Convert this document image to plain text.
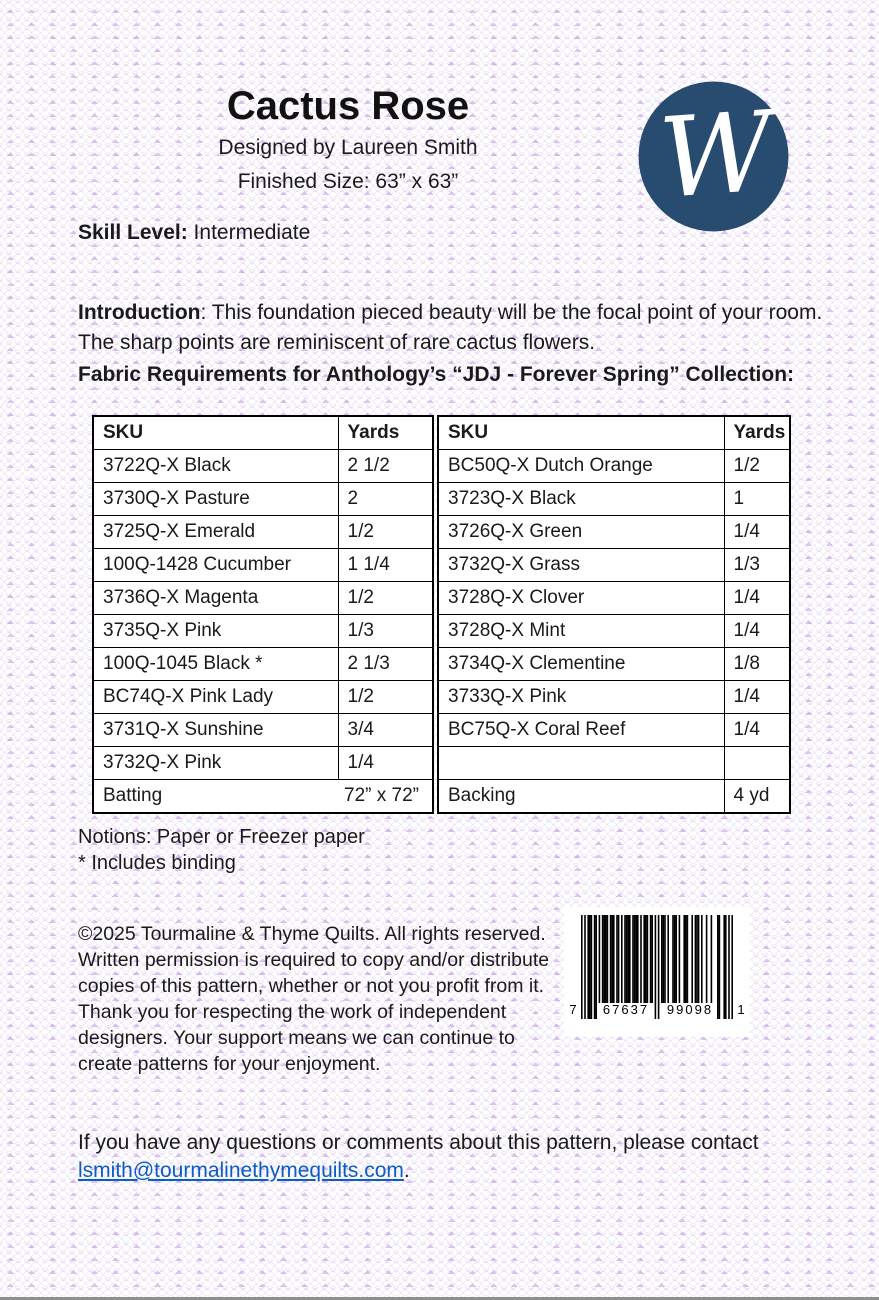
Cactus Rose
Designed by Laureen Smith
Finished Size: 63” x 63”	W
Skill Level: Intermediate

Introduction: This foundation pieced beauty will be the focal point of your room. The sharp points are reminiscent of rare cactus flowers.

Fabric Requirements for Anthology’s “JDJ - Forever Spring” Collection:
SKU	Yards
3722Q-X Black	2 1/2
3730Q-X Pasture	2
3725Q-X Emerald	1/2
100Q-1428 Cucumber	1 1/4
3736Q-X Magenta	1/2
3735Q-X Pink	1/3
100Q-1045 Black *	2 1/3
BC74Q-X Pink Lady	1/2
3731Q-X Sunshine	3/4
3732Q-X Pink	1/4

Batting 72” x 72”	
SKU	Yards
BC50Q-X Dutch Orange	1/2
3723Q-X Black	1
3726Q-X Green	1/4
3732Q-X Grass	1/3
3728Q-X Clover	1/4
3728Q-X Mint	1/4
3734Q-X Clementine	1/8
3733Q-X Pink	1/4
BC75Q-X Coral Reef	1/4

Backing	4 yd
Notions: Paper or Freezer paper
* Includes binding

©2025 Tourmaline & Thyme Quilts. All rights reserved. Written permission is required to copy and/or distribute copies of this pattern, whether or not you profit from it. Thank you for respecting the work of independent designers. Your support means we can continue to create patterns for your enjoyment.

7	67637	99098	1

If you have any questions or comments about this pattern, please contact
lsmith@tourmalinethymequilts.com.
